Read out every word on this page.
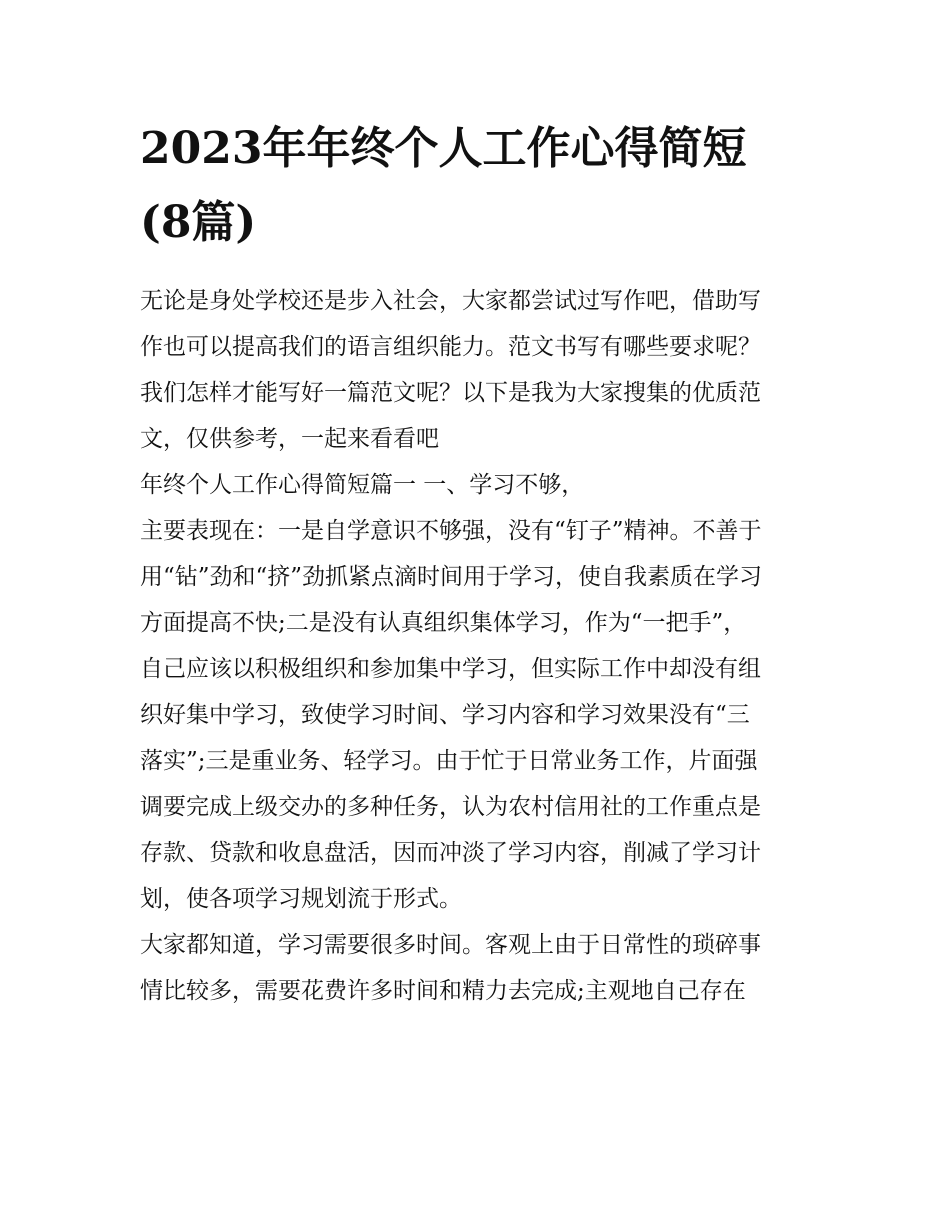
2023年年终个人工作心得简短
(8篇)
无论是身处学校还是步入社会，大家都尝试过写作吧，借助写
作也可以提高我们的语言组织能力。范文书写有哪些要求呢？
我们怎样才能写好一篇范文呢？以下是我为大家搜集的优质范
文，仅供参考，一起来看看吧
年终个人工作心得简短篇一 一、学习不够，
主要表现在：一是自学意识不够强，没有“钉子”精神。不善于
用“钻”劲和“挤”劲抓紧点滴时间用于学习，使自我素质在学习
方面提高不快;二是没有认真组织集体学习，作为“一把手”，
自己应该以积极组织和参加集中学习，但实际工作中却没有组
织好集中学习，致使学习时间、学习内容和学习效果没有“三
落实”;三是重业务、轻学习。由于忙于日常业务工作，片面强
调要完成上级交办的多种任务，认为农村信用社的工作重点是
存款、贷款和收息盘活，因而冲淡了学习内容，削减了学习计
划，使各项学习规划流于形式。
大家都知道，学习需要很多时间。客观上由于日常性的琐碎事
情比较多，需要花费许多时间和精力去完成;主观地自己存在
